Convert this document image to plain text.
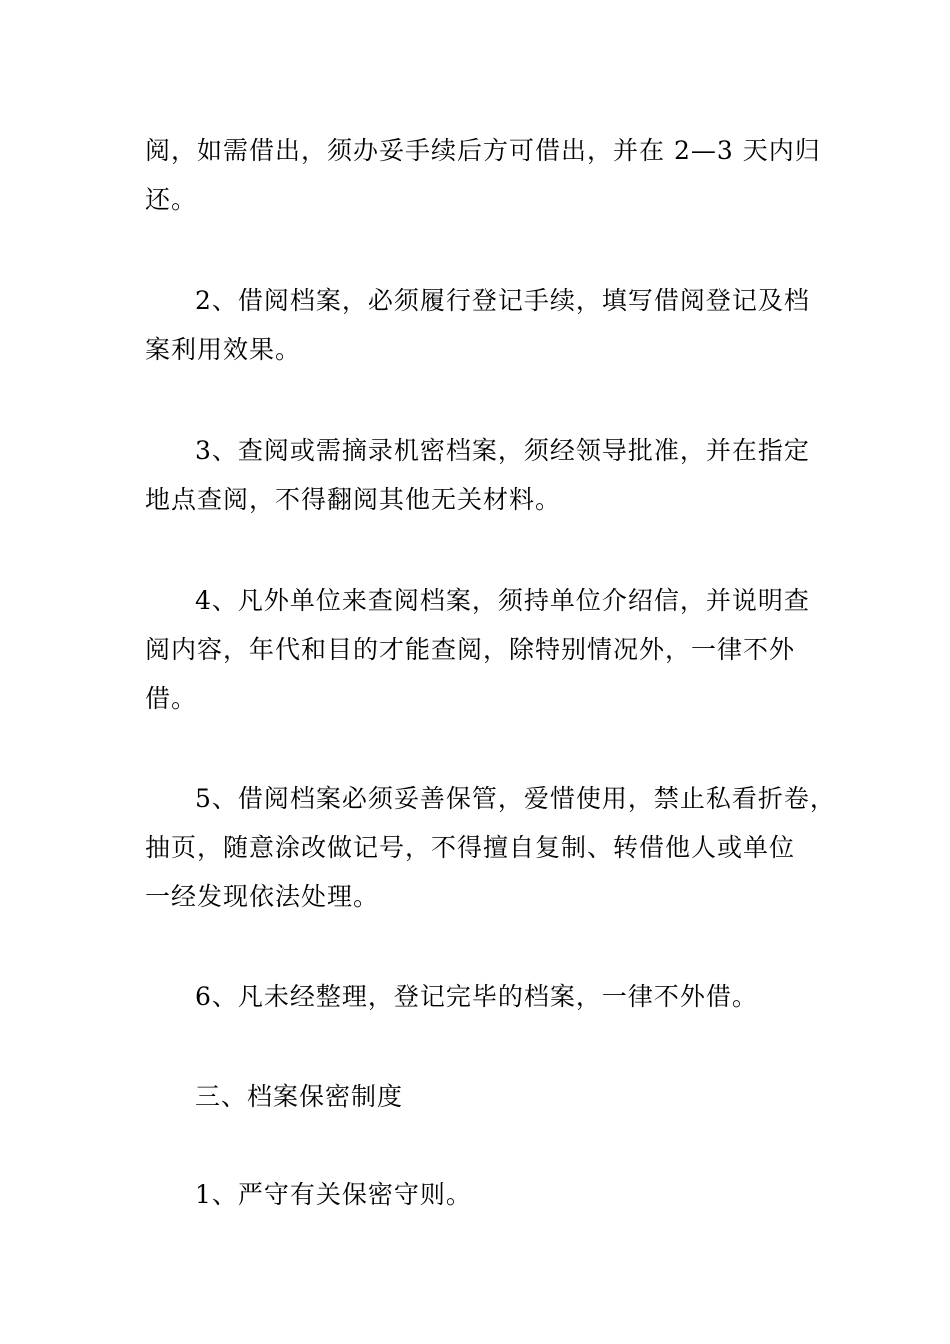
阅，如需借出，须办妥手续后方可借出，并在 2—3 天内归
还。
2、借阅档案，必须履行登记手续，填写借阅登记及档
案利用效果。
3、查阅或需摘录机密档案，须经领导批准，并在指定
地点查阅，不得翻阅其他无关材料。
4、凡外单位来查阅档案，须持单位介绍信，并说明查
阅内容，年代和目的才能查阅，除特别情况外，一律不外
借。
5、借阅档案必须妥善保管，爱惜使用，禁止私看折卷，
抽页，随意涂改做记号，不得擅自复制、转借他人或单位
一经发现依法处理。
6、凡未经整理，登记完毕的档案，一律不外借。
三、档案保密制度
1、严守有关保密守则。
